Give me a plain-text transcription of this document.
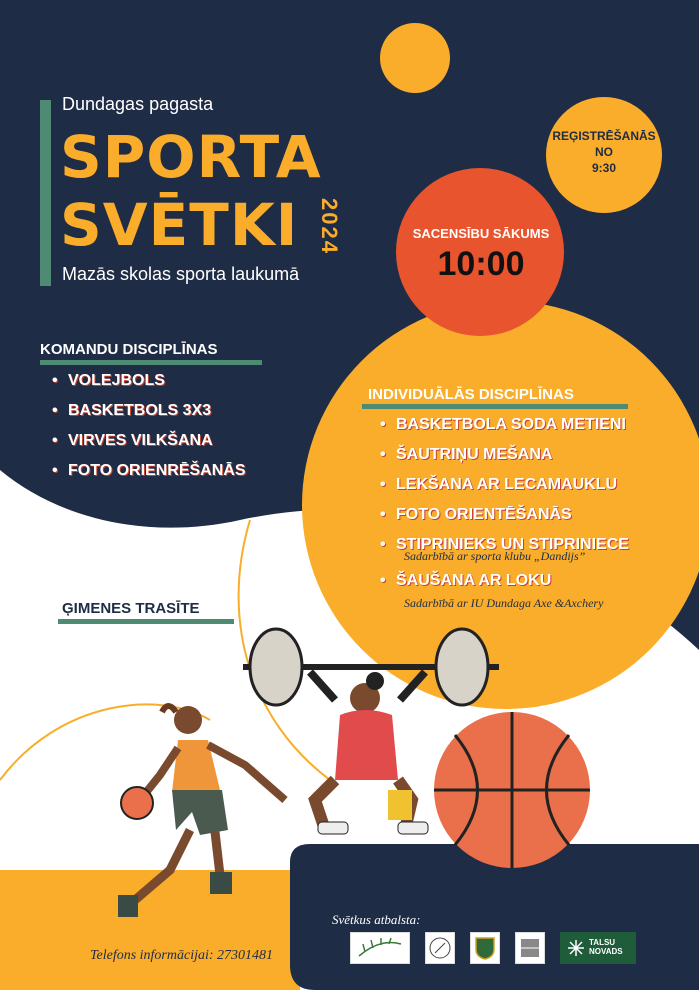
Dundagas pagasta
SPORTA
SVĒTKI 2024
Mazās skolas sporta laukumā
REĢISTRĒŠANĀS
NO
9:30
SACENSĪBU SĀKUMS
10:00
KOMANDU DISCIPLĪNAS
• VOLEJBOLS
• BASKETBOLS 3X3
• VIRVES VILKŠANA
• FOTO ORIENRĒŠANĀS
INDIVIDUĀLĀS DISCIPLĪNAS
• BASKETBOLA SODA METIENI
• ŠAUTRIŅU MEŠANA
• LEKŠANA AR LECAMAUKLU
• FOTO ORIENTĒŠANĀS
• STIPRINIEKS UN STIPRINIECE
Sadarbībā ar sporta klubu „Dandijs”
• ŠAUŠANA AR LOKU
Sadarbībā ar IU Dundaga Axe &Axchery
ĢIMENES TRASĪTE
Telefons informācijai: 27301481
Svētkus atbalsta:
TALSU NOVADS
